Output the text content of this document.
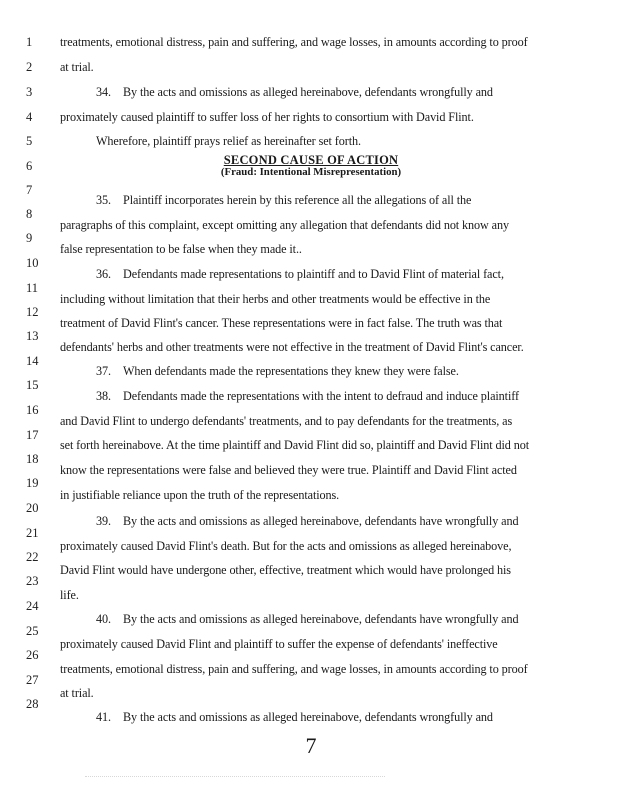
1
2
3
4
5
6
7
8
9
10
11
12
13
14
15
16
17
18
19
20
21
22
23
24
25
26
27
28
treatments, emotional distress, pain and suffering, and wage losses, in amounts according to proof
at trial.
34. By the acts and omissions as alleged hereinabove, defendants wrongfully and
proximately caused plaintiff to suffer loss of her rights to consortium with David Flint.
Wherefore, plaintiff prays relief as hereinafter set forth.
SECOND CAUSE OF ACTION
(Fraud: Intentional Misrepresentation)
35. Plaintiff incorporates herein by this reference all the allegations of all the
paragraphs of this complaint, except omitting any allegation that defendants did not know any
false representation to be false when they made it..
36. Defendants made representations to plaintiff and to David Flint of material fact,
including without limitation that their herbs and other treatments would be effective in the
treatment of David Flint's cancer. These representations were in fact false. The truth was that
defendants' herbs and other treatments were not effective in the treatment of David Flint's cancer.
37. When defendants made the representations they knew they were false.
38. Defendants made the representations with the intent to defraud and induce plaintiff
and David Flint to undergo defendants' treatments, and to pay defendants for the treatments, as
set forth hereinabove. At the time plaintiff and David Flint did so, plaintiff and David Flint did not
know the representations were false and believed they were true. Plaintiff and David Flint acted
in justifiable reliance upon the truth of the representations.
39. By the acts and omissions as alleged hereinabove, defendants have wrongfully and
proximately caused David Flint's death. But for the acts and omissions as alleged hereinabove,
David Flint would have undergone other, effective, treatment which would have prolonged his
life.
40. By the acts and omissions as alleged hereinabove, defendants have wrongfully and
proximately caused David Flint and plaintiff to suffer the expense of defendants' ineffective
treatments, emotional distress, pain and suffering, and wage losses, in amounts according to proof
at trial.
41. By the acts and omissions as alleged hereinabove, defendants wrongfully and
7
